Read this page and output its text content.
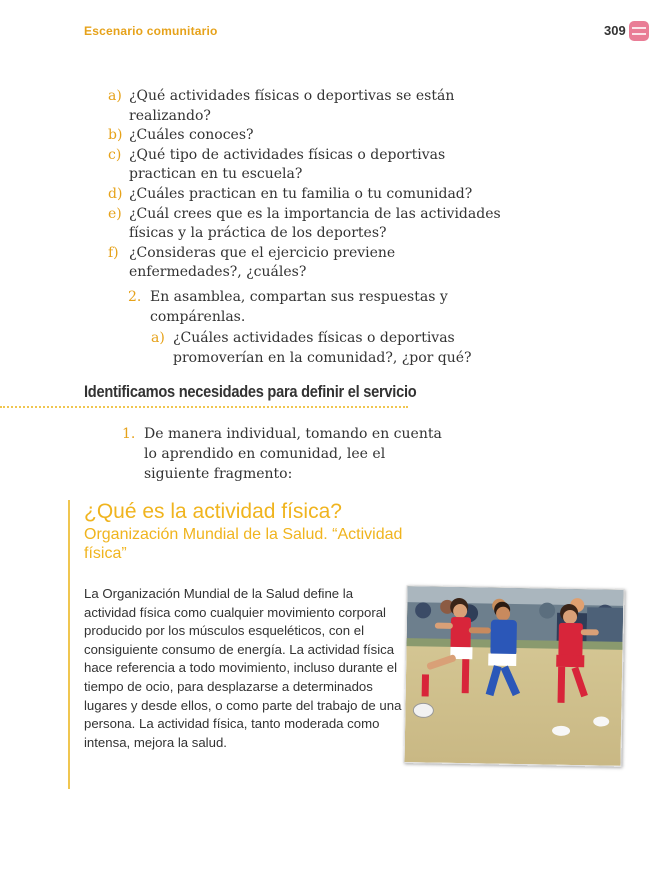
Escenario comunitario	309
a) ¿Qué actividades físicas o deportivas se están realizando?
b) ¿Cuáles conoces?
c) ¿Qué tipo de actividades físicas o deportivas practican en tu escuela?
d) ¿Cuáles practican en tu familia o tu comunidad?
e) ¿Cuál crees que es la importancia de las actividades físicas y la práctica de los deportes?
f) ¿Consideras que el ejercicio previene enfermedades?, ¿cuáles?
2. En asamblea, compartan sus respuestas y compárenlas.
a) ¿Cuáles actividades físicas o deportivas promoverían en la comunidad?, ¿por qué?
Identificamos necesidades para definir el servicio
1. De manera individual, tomando en cuenta lo aprendido en comunidad, lee el siguiente fragmento:
¿Qué es la actividad física?

Organización Mundial de la Salud. “Actividad física”

La Organización Mundial de la Salud define la actividad física como cualquier movimiento corporal producido por los músculos esqueléticos, con el consiguiente consumo de energía. La actividad física hace referencia a todo movimiento, incluso durante el tiempo de ocio, para desplazarse a determinados lugares y desde ellos, o como parte del trabajo de una persona. La actividad física, tanto moderada como intensa, mejora la salud.
